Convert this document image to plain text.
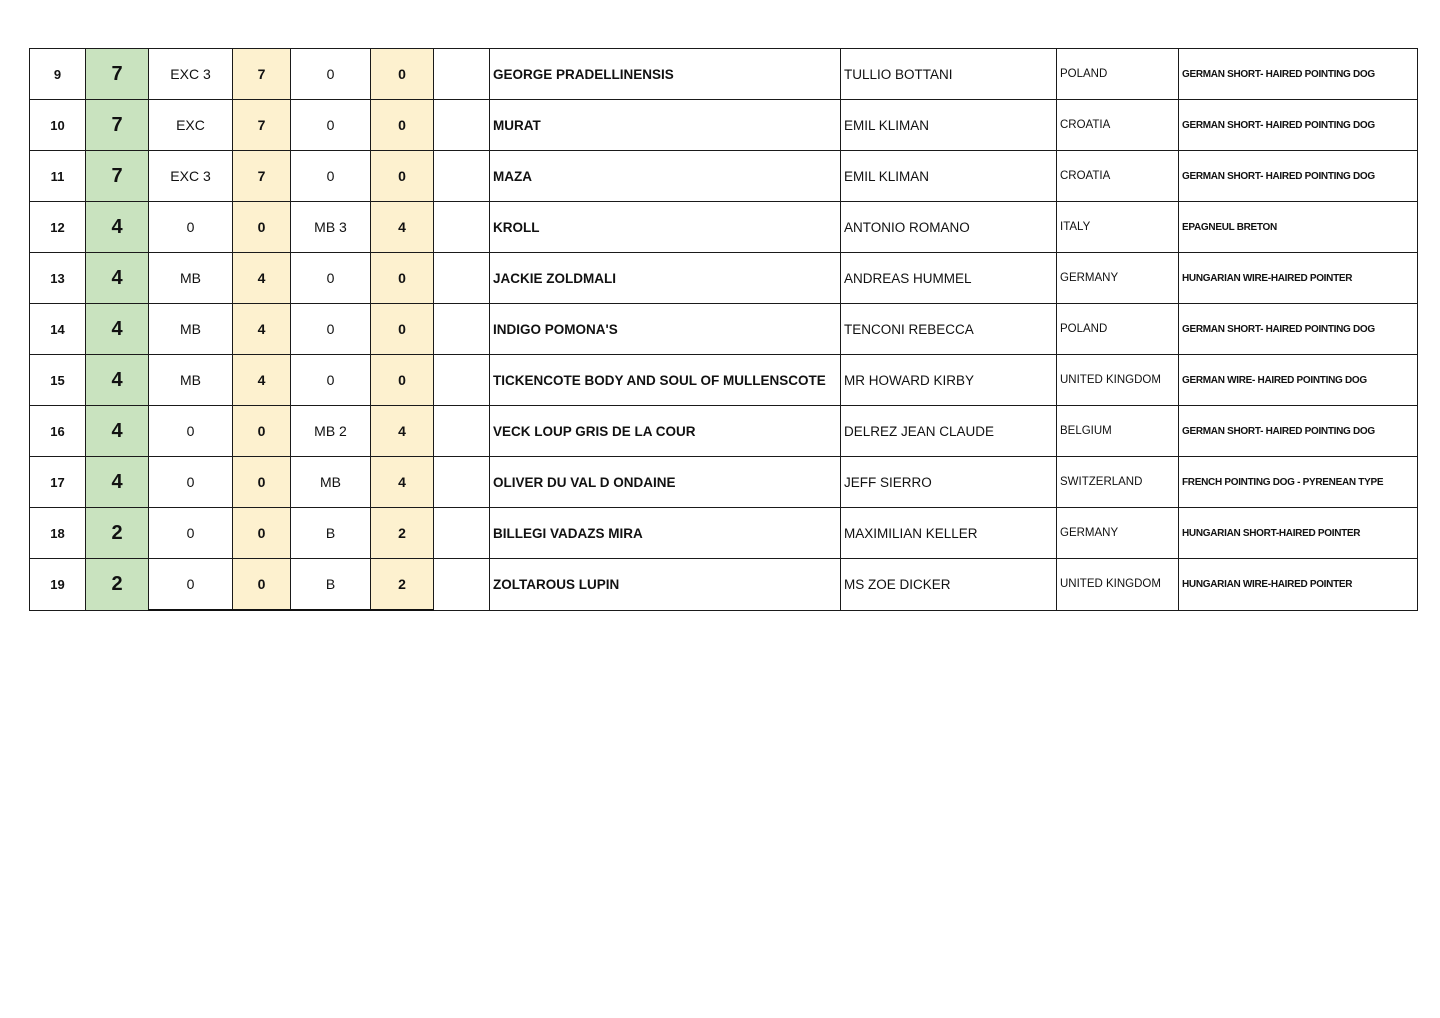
9	7	EXC 3	7	0	0		GEORGE PRADELLINENSIS	TULLIO BOTTANI	POLAND	GERMAN SHORT- HAIRED POINTING DOG
10	7	EXC	7	0	0		MURAT	EMIL KLIMAN	CROATIA	GERMAN SHORT- HAIRED POINTING DOG
11	7	EXC 3	7	0	0		MAZA	EMIL KLIMAN	CROATIA	GERMAN SHORT- HAIRED POINTING DOG
12	4	0	0	MB 3	4		KROLL	ANTONIO ROMANO	ITALY	EPAGNEUL BRETON
13	4	MB	4	0	0		JACKIE ZOLDMALI	ANDREAS HUMMEL	GERMANY	HUNGARIAN WIRE-HAIRED POINTER
14	4	MB	4	0	0		INDIGO POMONA'S	TENCONI REBECCA	POLAND	GERMAN SHORT- HAIRED POINTING DOG
15	4	MB	4	0	0		TICKENCOTE BODY AND SOUL OF MULLENSCOTE	MR HOWARD KIRBY	UNITED KINGDOM	GERMAN WIRE- HAIRED POINTING DOG
16	4	0	0	MB 2	4		VECK LOUP GRIS DE LA COUR	DELREZ JEAN CLAUDE	BELGIUM	GERMAN SHORT- HAIRED POINTING DOG
17	4	0	0	MB	4		OLIVER DU VAL D ONDAINE	JEFF SIERRO	SWITZERLAND	FRENCH POINTING DOG - PYRENEAN TYPE
18	2	0	0	B	2		BILLEGI VADAZS MIRA	MAXIMILIAN KELLER	GERMANY	HUNGARIAN SHORT-HAIRED POINTER
19	2	0	0	B	2		ZOLTAROUS LUPIN	MS ZOE DICKER	UNITED KINGDOM	HUNGARIAN WIRE-HAIRED POINTER
